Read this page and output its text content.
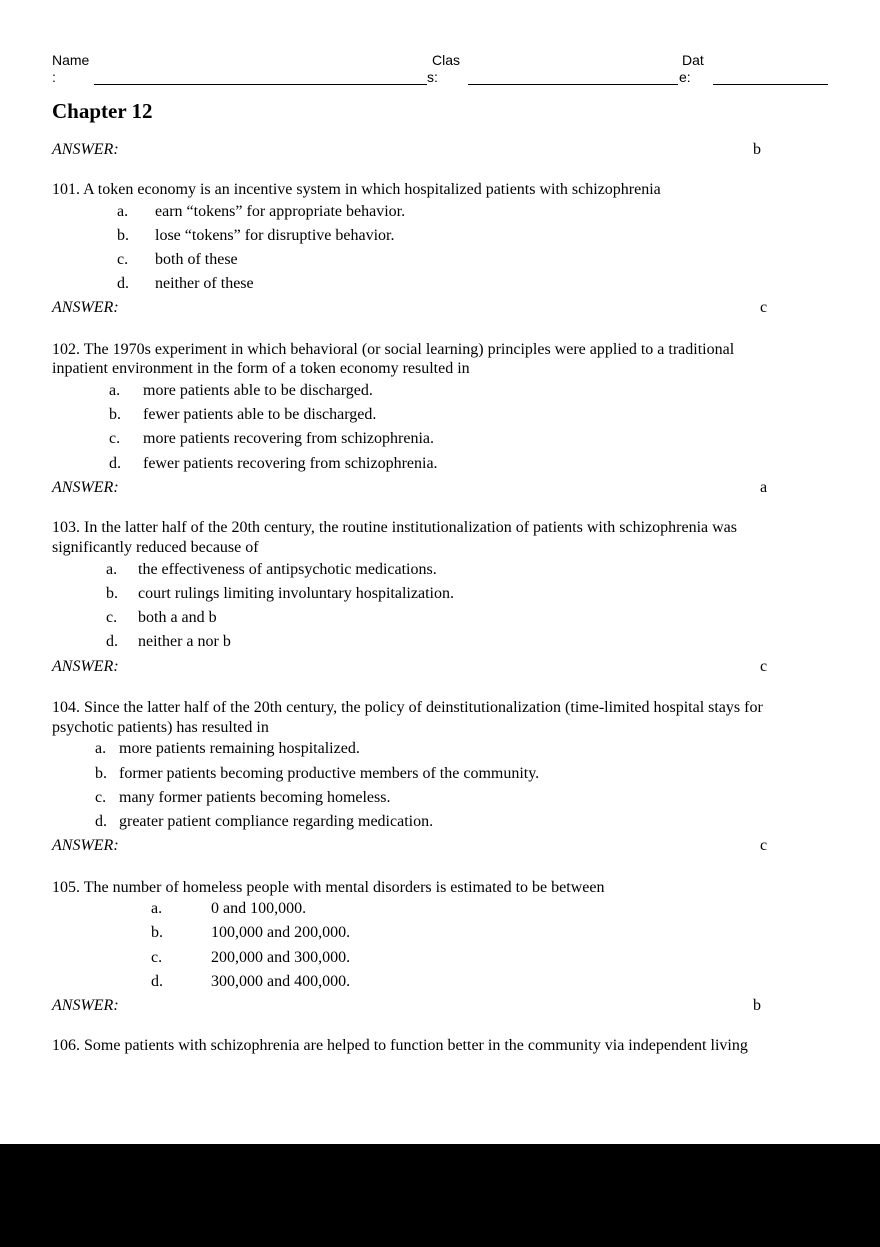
Name
:
Clas
s:
Dat
e:
Chapter 12
ANSWER:	b
101. A token economy is an incentive system in which hospitalized patients with schizophrenia
a. earn “tokens” for appropriate behavior.
b. lose “tokens” for disruptive behavior.
c. both of these
d. neither of these
ANSWER:	c
102. The 1970s experiment in which behavioral (or social learning) principles were applied to a traditional
inpatient environment in the form of a token economy resulted in
a. more patients able to be discharged.
b. fewer patients able to be discharged.
c. more patients recovering from schizophrenia.
d. fewer patients recovering from schizophrenia.
ANSWER:	a
103. In the latter half of the 20th century, the routine institutionalization of patients with schizophrenia was
significantly reduced because of
a. the effectiveness of antipsychotic medications.
b. court rulings limiting involuntary hospitalization.
c. both a and b
d. neither a nor b
ANSWER:	c
104. Since the latter half of the 20th century, the policy of deinstitutionalization (time-limited hospital stays for
psychotic patients) has resulted in
a. more patients remaining hospitalized.
b. former patients becoming productive members of the community.
c. many former patients becoming homeless.
d. greater patient compliance regarding medication.
ANSWER:	c
105. The number of homeless people with mental disorders is estimated to be between
a.	0 and 100,000.
b.	100,000 and 200,000.
c.	200,000 and 300,000.
d.	300,000 and 400,000.
ANSWER:	b
106. Some patients with schizophrenia are helped to function better in the community via independent living
